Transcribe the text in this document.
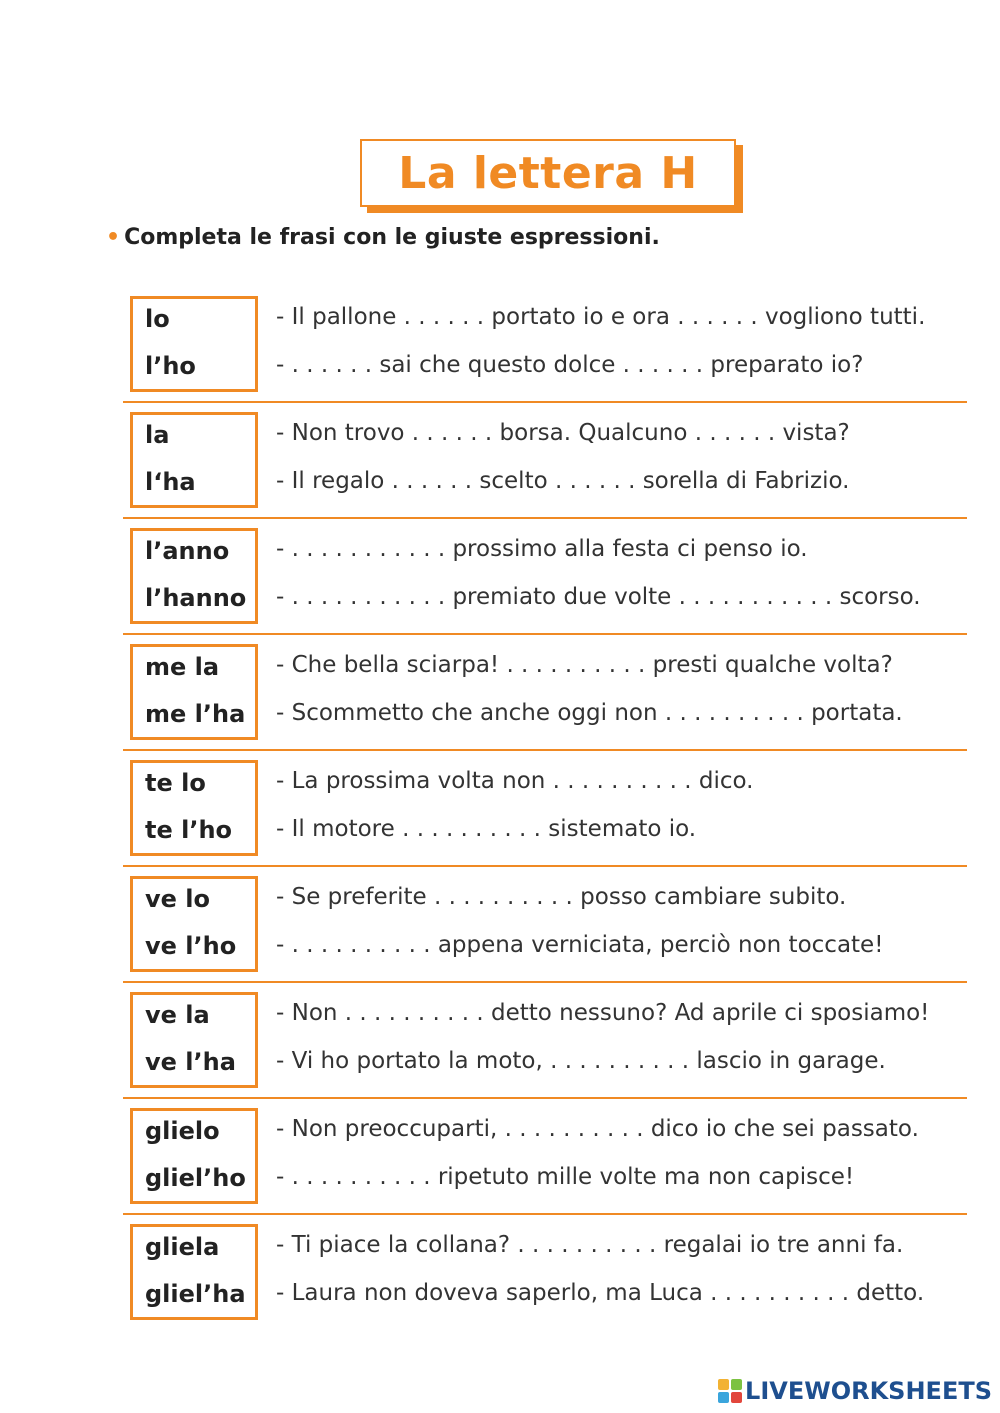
La lettera H
• Completa le frasi con le giuste espressioni.
lo
l’ho
- Il pallone . . . . . . portato io e ora . . . . . . vogliono tutti.
- . . . . . . sai che questo dolce . . . . . . preparato io?
la
l‘ha
- Non trovo . . . . . . borsa. Qualcuno . . . . . . vista?
- Il regalo . . . . . . scelto . . . . . . sorella di Fabrizio.
l’anno
l’hanno
- . . . . . . . . . . . prossimo alla festa ci penso io.
- . . . . . . . . . . . premiato due volte . . . . . . . . . . . scorso.
me la
me l’ha
- Che bella sciarpa! . . . . . . . . . . presti qualche volta?
- Scommetto che anche oggi non . . . . . . . . . . portata.
te lo
te l’ho
- La prossima volta non . . . . . . . . . . dico.
- Il motore . . . . . . . . . . sistemato io.
ve lo
ve l’ho
- Se preferite . . . . . . . . . . posso cambiare subito.
- . . . . . . . . . . appena verniciata, perciò non toccate!
ve la
ve l’ha
- Non . . . . . . . . . . detto nessuno? Ad aprile ci sposiamo!
- Vi ho portato la moto, . . . . . . . . . . lascio in garage.
glielo
gliel’ho
- Non preoccuparti, . . . . . . . . . . dico io che sei passato.
- . . . . . . . . . . ripetuto mille volte ma non capisce!
gliela
gliel’ha
- Ti piace la collana? . . . . . . . . . . regalai io tre anni fa.
- Laura non doveva saperlo, ma Luca . . . . . . . . . . detto.
LIVEWORKSHEETS
